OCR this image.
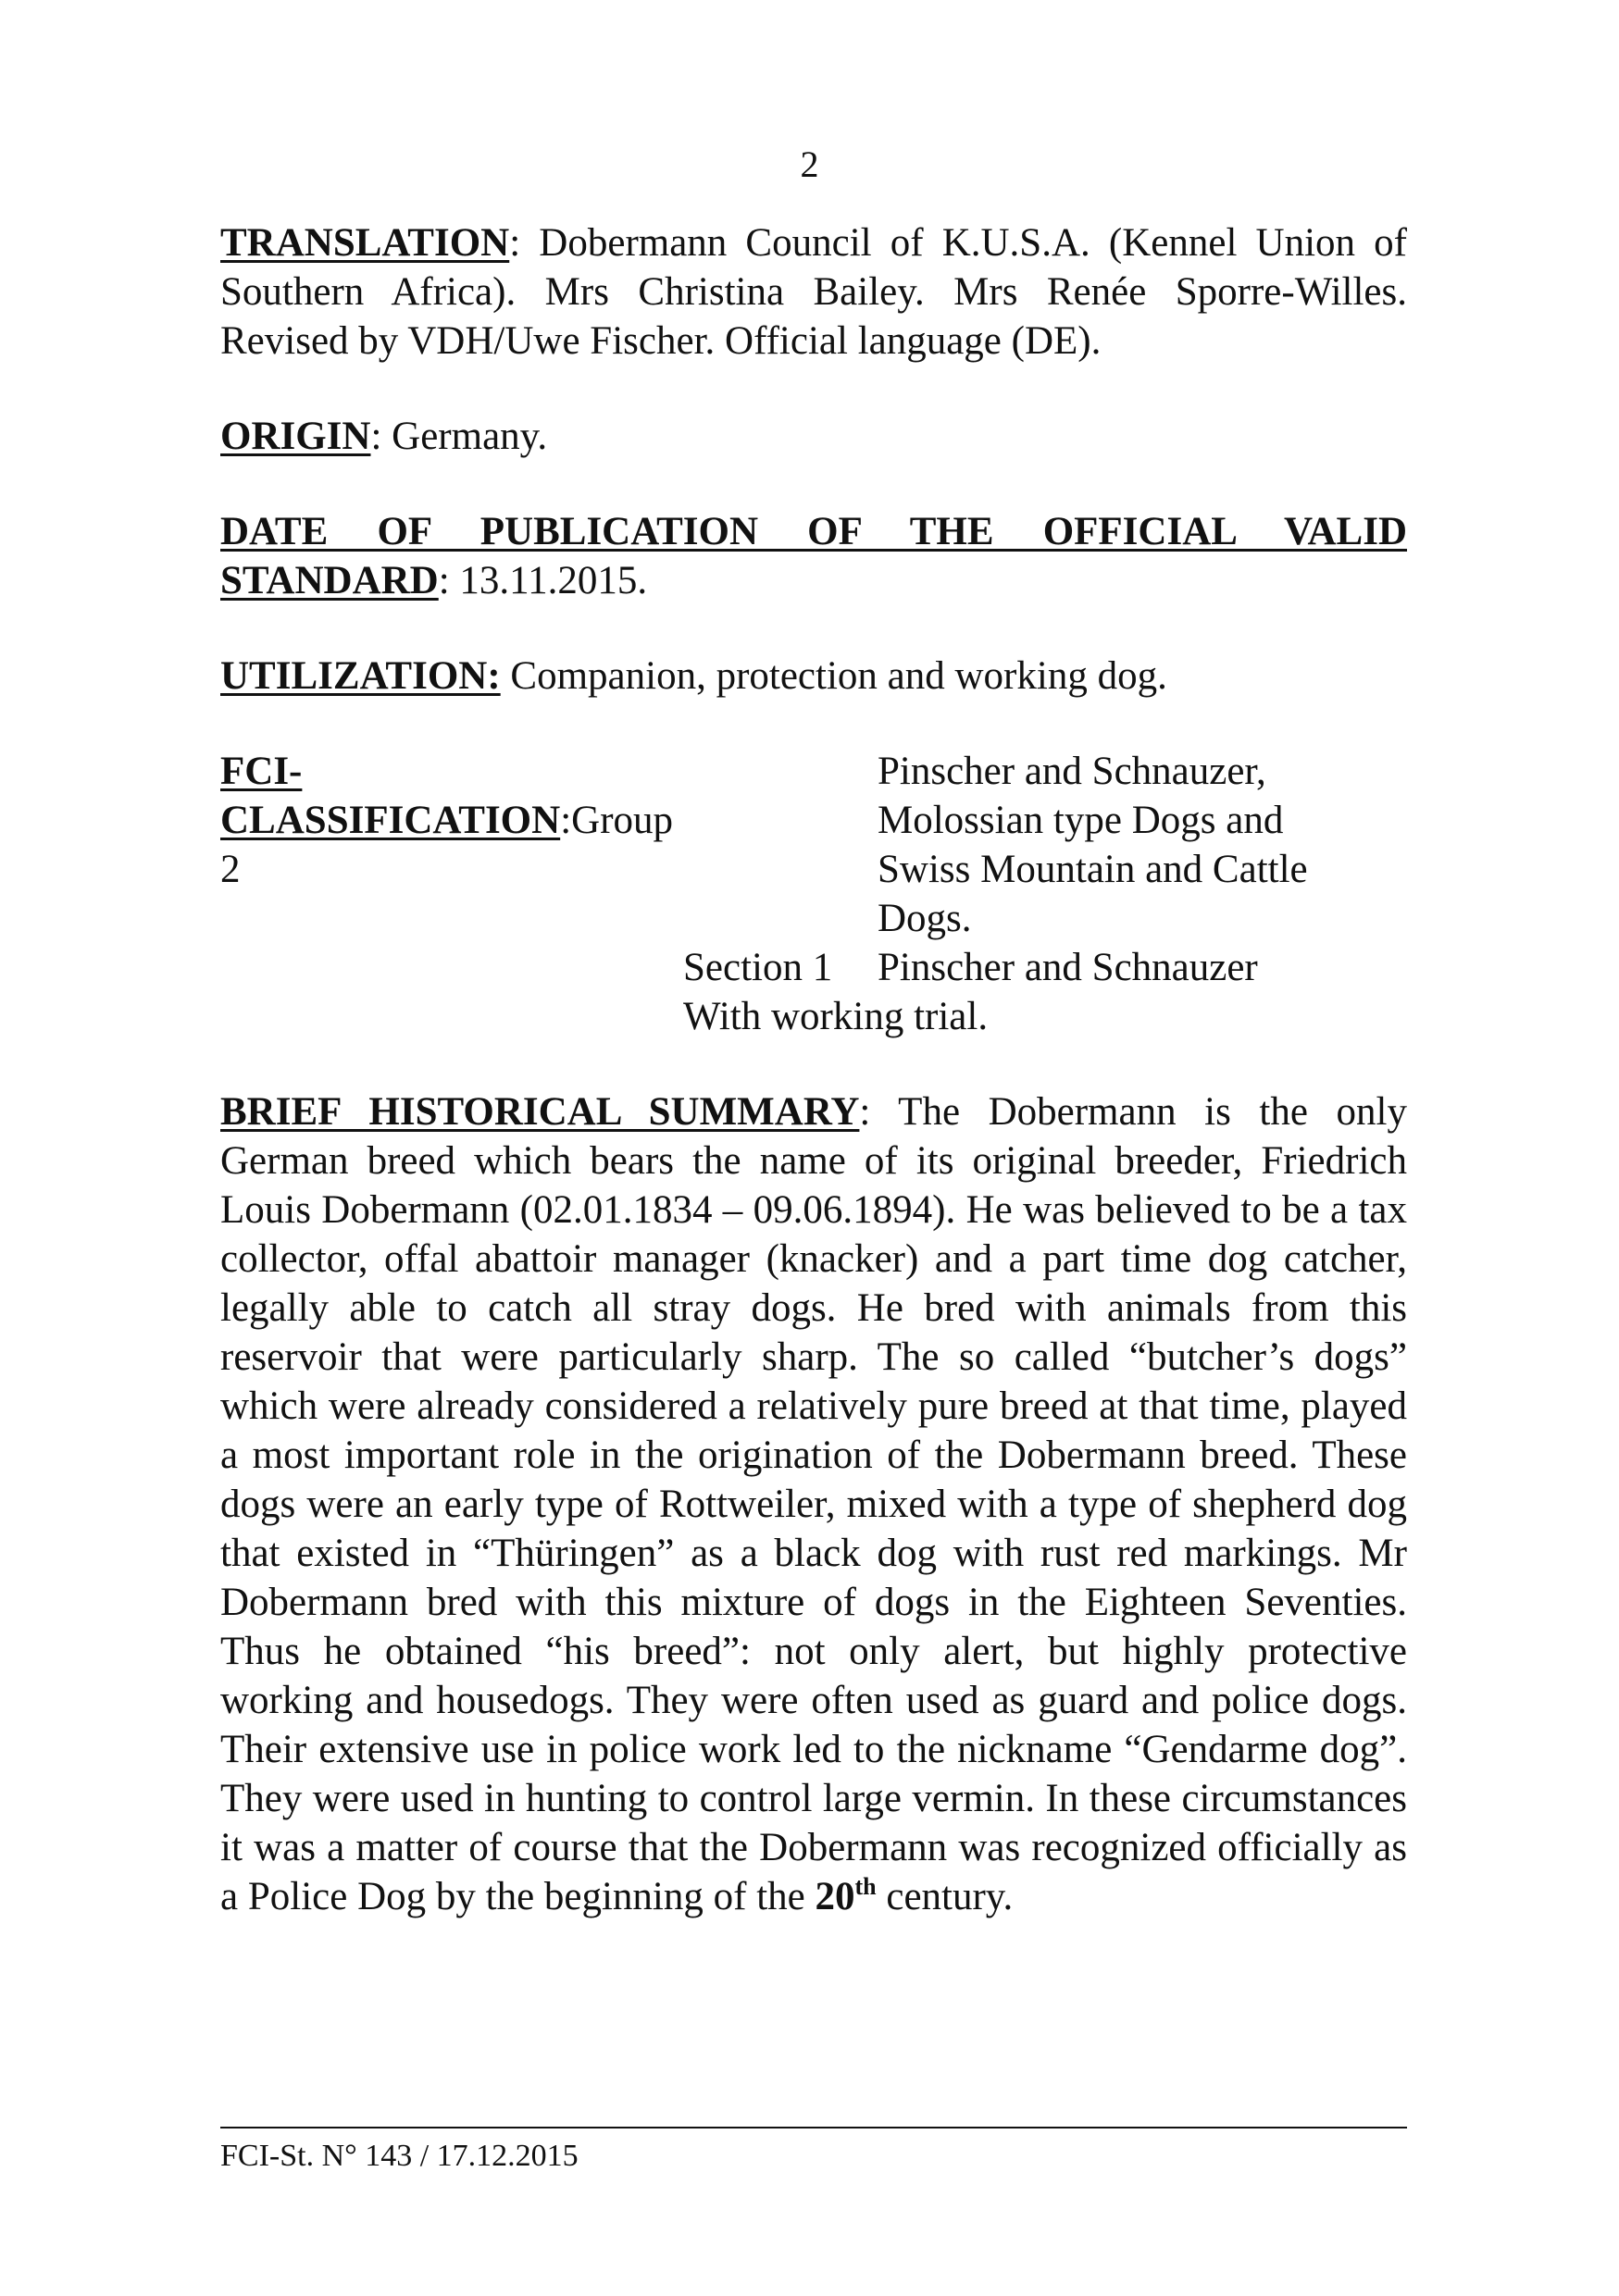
2

TRANSLATION: Dobermann Council of K.U.S.A. (Kennel Union of Southern Africa). Mrs Christina Bailey. Mrs Renée Sporre-Willes. Revised by VDH/Uwe Fischer. Official language (DE).

ORIGIN: Germany.

DATE OF PUBLICATION OF THE OFFICIAL VALID
STANDARD: 13.11.2015.

UTILIZATION: Companion, protection and working dog.

FCI-CLASSIFICATION:Group 2
Pinscher and Schnauzer,
Molossian type Dogs and
Swiss Mountain and Cattle
Dogs.
Section 1	Pinscher and Schnauzer
With working trial.

BRIEF HISTORICAL SUMMARY: The Dobermann is the only German breed which bears the name of its original breeder, Friedrich Louis Dobermann (02.01.1834 – 09.06.1894). He was believed to be a tax collector, offal abattoir manager (knacker) and a part time dog catcher, legally able to catch all stray dogs. He bred with animals from this reservoir that were particularly sharp. The so called “butcher’s dogs” which were already considered a relatively pure breed at that time, played a most important role in the origination of the Dobermann breed. These dogs were an early type of Rottweiler, mixed with a type of shepherd dog that existed in “Thüringen” as a black dog with rust red markings. Mr Dobermann bred with this mixture of dogs in the Eighteen Seventies. Thus he obtained “his breed”: not only alert, but highly protective working and housedogs. They were often used as guard and police dogs. Their extensive use in police work led to the nickname “Gendarme dog”. They were used in hunting to control large vermin. In these circumstances it was a matter of course that the Dobermann was recognized officially as a Police Dog by the beginning of the 20th century.

FCI-St. N° 143 / 17.12.2015
